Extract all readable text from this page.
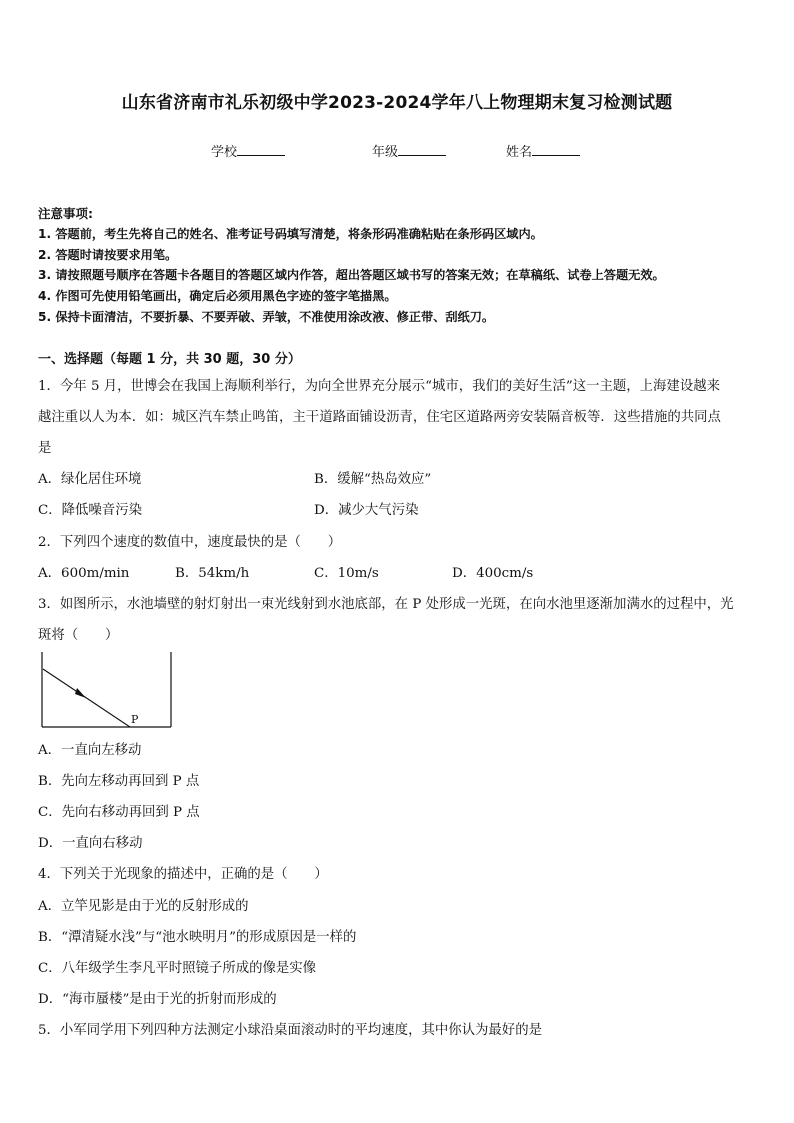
山东省济南市礼乐初级中学2023-2024学年八上物理期末复习检测试题
学校	年级	姓名
注意事项:
1. 答题前，考生先将自己的姓名、准考证号码填写清楚，将条形码准确粘贴在条形码区域内。
2. 答题时请按要求用笔。
3. 请按照题号顺序在答题卡各题目的答题区域内作答，超出答题区域书写的答案无效；在草稿纸、试卷上答题无效。
4. 作图可先使用铅笔画出，确定后必须用黑色字迹的签字笔描黑。
5. 保持卡面清洁，不要折暴、不要弄破、弄皱，不准使用涂改液、修正带、刮纸刀。
一、选择题（每题 1 分，共 30 题，30 分）
1．今年 5 月，世博会在我国上海顺利举行，为向全世界充分展示“城市，我们的美好生活”这一主题，上海建设越来
越注重以人为本．如：城区汽车禁止鸣笛，主干道路面铺设沥青，住宅区道路两旁安装隔音板等．这些措施的共同点
是
A．绿化居住环境	B．缓解“热岛效应”
C．降低噪音污染	D．减少大气污染
2．下列四个速度的数值中，速度最快的是（　　）
A．600m/min	B．54km/h	C．10m/s	D．400cm/s
3．如图所示，水池墙壁的射灯射出一束光线射到水池底部，在 P 处形成一光斑，在向水池里逐渐加满水的过程中，光
斑将（　　）
P
A．一直向左移动
B．先向左移动再回到 P 点
C．先向右移动再回到 P 点
D．一直向右移动
4．下列关于光现象的描述中，正确的是（　　）
A．立竿见影是由于光的反射形成的
B．“潭清疑水浅”与“池水映明月”的形成原因是一样的
C．八年级学生李凡平时照镜子所成的像是实像
D．“海市蜃楼”是由于光的折射而形成的
5．小军同学用下列四种方法测定小球沿桌面滚动时的平均速度，其中你认为最好的是
